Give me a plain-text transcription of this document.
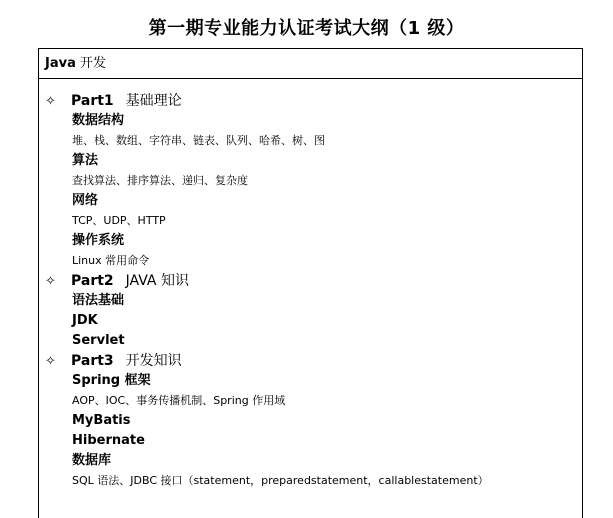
第一期专业能力认证考试大纲（1 级）
Java 开发
✧ Part1 基础理论
数据结构
堆、栈、数组、字符串、链表、队列、哈希、树、图
算法
查找算法、排序算法、递归、复杂度
网络
TCP、UDP、HTTP
操作系统
Linux 常用命令
✧ Part2 JAVA 知识
语法基础
JDK
Servlet
✧ Part3 开发知识
Spring 框架
AOP、IOC、事务传播机制、Spring 作用域
MyBatis
Hibernate
数据库
SQL 语法、JDBC 接口（statement，preparedstatement，callablestatement）
